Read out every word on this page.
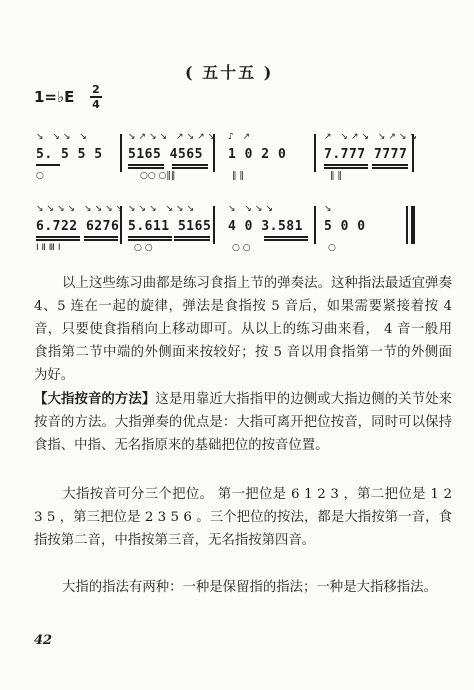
( 五十五 )
1=♭E 2
4
↘ ↘↘ ↘	↘↗↘↘ ↗↘↗↘ ♪ ↗	↗ ↘↗↘ ↘↗↘↘
5. 5 5 5 5165 4565 1 0 2 0	7.777 7777
○	○○ ○‖‖	‖ ‖	‖ ‖
↘↘↘↘ ↘↘↘↘ ↘↘↘ ↘↘↘	↘ ↘↘↘	↘
6.722 6276 5.611 5165 4 0 3.581 5 0 0
Ⅰ Ⅱ Ⅲ Ⅰ	○ ○	○ ○	○

以上这些练习曲都是练习食指上节的弹奏法。这种指法最适宜弹奏 4、5 连在一起的旋律，弹法是食指按 5 音后，如果需要紧接着按 4 音，只要使食指稍向上移动即可。从以上的练习曲来看， 4 音一般用食指第二节中端的外侧面来按较好；按 5 音以用食指第一节的外侧面为好。

【大指按音的方法】这是用靠近大指指甲的边侧或大指边侧的关节处来按音的方法。大指弹奏的优点是：大指可离开把位按音，同时可以保持食指、中指、无名指原来的基础把位的按音位置。

大指按音可分三个把位。 第一把位是 6 1 2 3 ，第二把位是 1 2 3 5 ，第三把位是 2 3 5 6 。三个把位的按法，都是大指按第一音，食指按第二音，中指按第三音，无名指按第四音。

大指的指法有两种：一种是保留指的指法；一种是大指移指法。

42
